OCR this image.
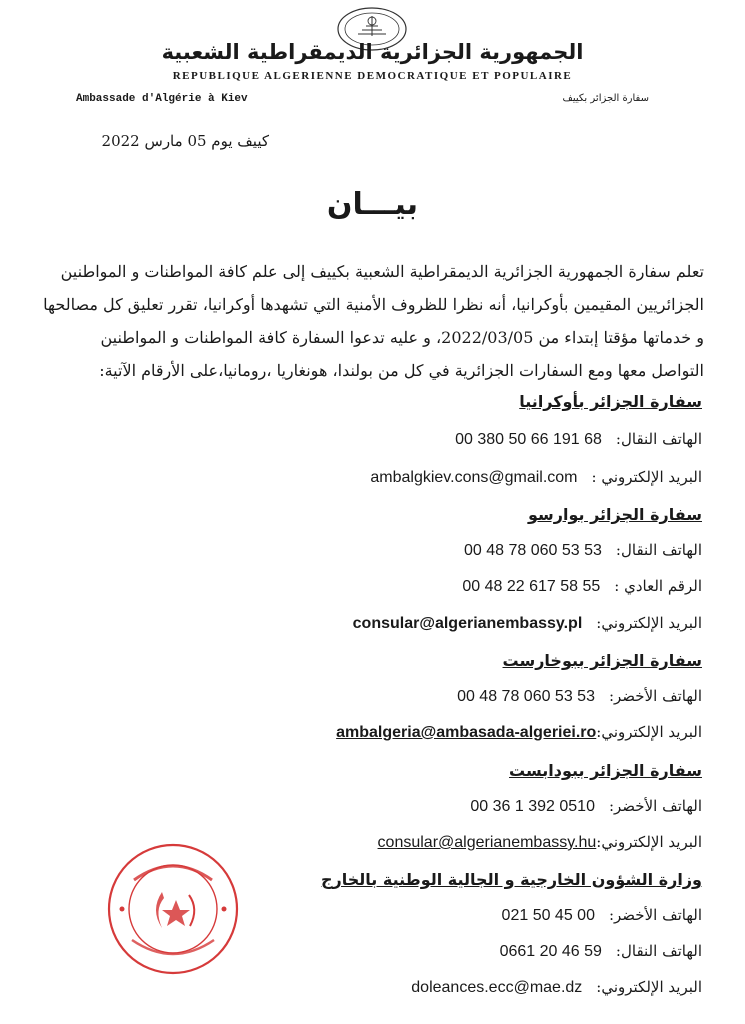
الجمهورية الجزائرية الديمقراطية الشعبية
REPUBLIQUE ALGERIENNE DEMOCRATIQUE ET POPULAIRE
Ambassade d'Algérie à Kiev	سفارة الجزائر بكييف
كييف يوم 05 مارس 2022
بيـــان

تعلم سفارة الجمهورية الجزائرية الديمقراطية الشعبية بكييف إلى علم كافة المواطنات و المواطنين

الجزائريين المقيمين بأوكرانيا، أنه نظرا للظروف الأمنية التي تشهدها أوكرانيا، تقرر تعليق كل مصالحها

و خدماتها مؤقتا إبتداء من 2022/03/05، و عليه تدعوا السفارة كافة المواطنات و المواطنين

التواصل معها ومع السفارات الجزائرية في كل من بولندا، هونغاريا ،رومانيا،على الأرقام الآتية:

سفارة الجزائر بأوكرانيا
الهاتف النقال:00 380 50 66 191 68
البريد الإلكتروني :ambalgkiev.cons@gmail.com
سفارة الجزائر بوارسو
الهاتف النقال:00 48 78 060 53 53
الرقم العادي :00 48 22 617 58 55
البريد الإلكتروني:consular@algerianembassy.pl
سفارة الجزائر ببوخارست
الهاتف الأخضر:00 48 78 060 53 53
البريد الإلكتروني:ambalgeria@ambasada-algeriei.ro
سفارة الجزائر ببودابست
الهاتف الأخضر:00 36 1 392 0510
البريد الإلكتروني:consular@algerianembassy.hu
وزارة الشؤون الخارجية و الجالية الوطنية بالخارج
الهاتف الأخضر:021 50 45 00
الهاتف النقال:0661 20 46 59
البريد الإلكتروني:doleances.ecc@mae.dz
